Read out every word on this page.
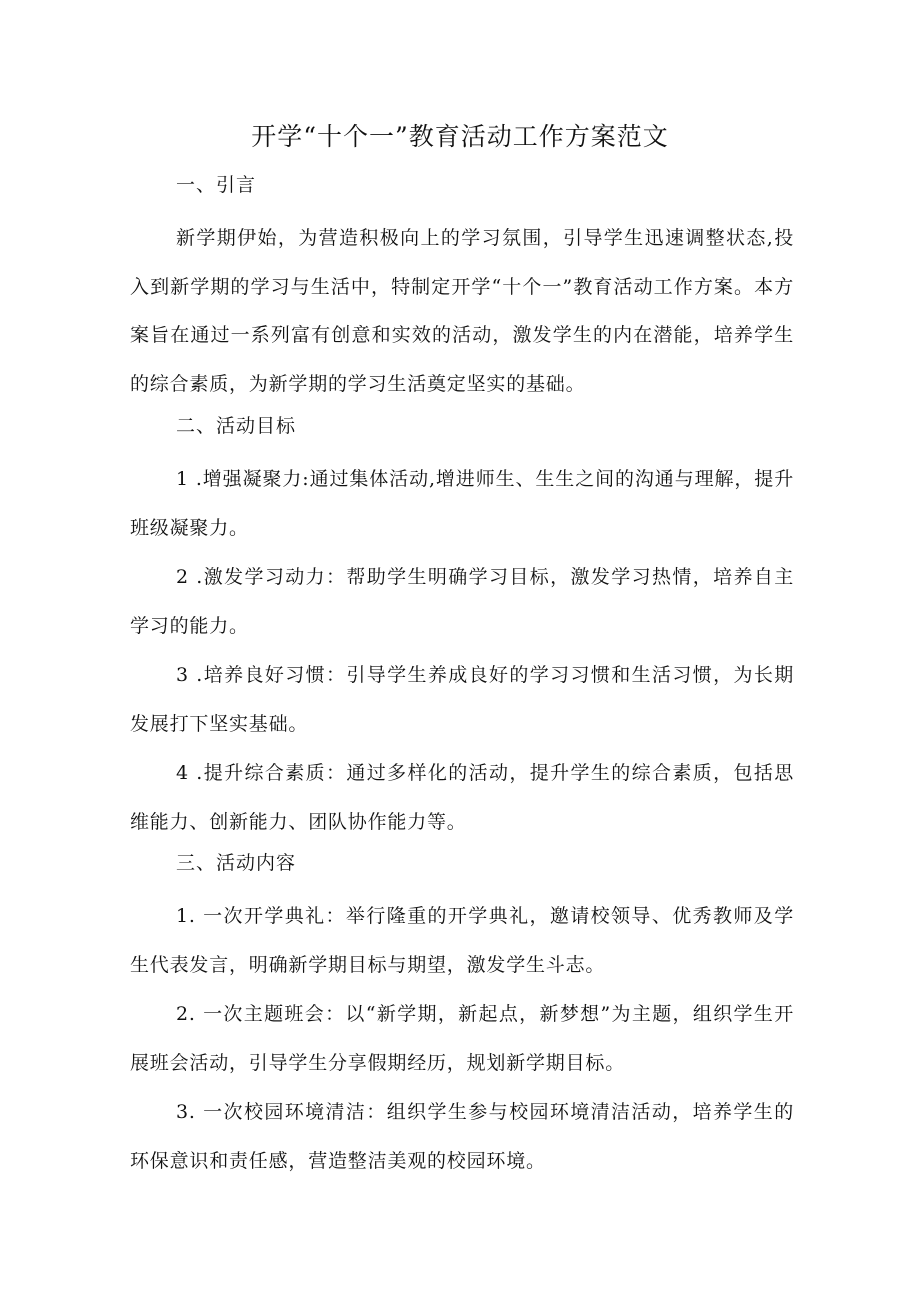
开学“十个一”教育活动工作方案范文
一、引言

新学期伊始，为营造积极向上的学习氛围，引导学生迅速调整状态,投入到新学期的学习与生活中，特制定开学“十个一”教育活动工作方案。本方案旨在通过一系列富有创意和实效的活动，激发学生的内在潜能，培养学生的综合素质，为新学期的学习生活奠定坚实的基础。

二、活动目标

1 .增强凝聚力:通过集体活动,增进师生、生生之间的沟通与理解，提升班级凝聚力。

2 .激发学习动力：帮助学生明确学习目标，激发学习热情，培养自主学习的能力。

3 .培养良好习惯：引导学生养成良好的学习习惯和生活习惯，为长期发展打下坚实基础。

4 .提升综合素质：通过多样化的活动，提升学生的综合素质，包括思维能力、创新能力、团队协作能力等。

三、活动内容

1. 一次开学典礼：举行隆重的开学典礼，邀请校领导、优秀教师及学生代表发言，明确新学期目标与期望，激发学生斗志。

2. 一次主题班会：以“新学期，新起点，新梦想”为主题，组织学生开展班会活动，引导学生分享假期经历，规划新学期目标。

3. 一次校园环境清洁：组织学生参与校园环境清洁活动，培养学生的环保意识和责任感，营造整洁美观的校园环境。
